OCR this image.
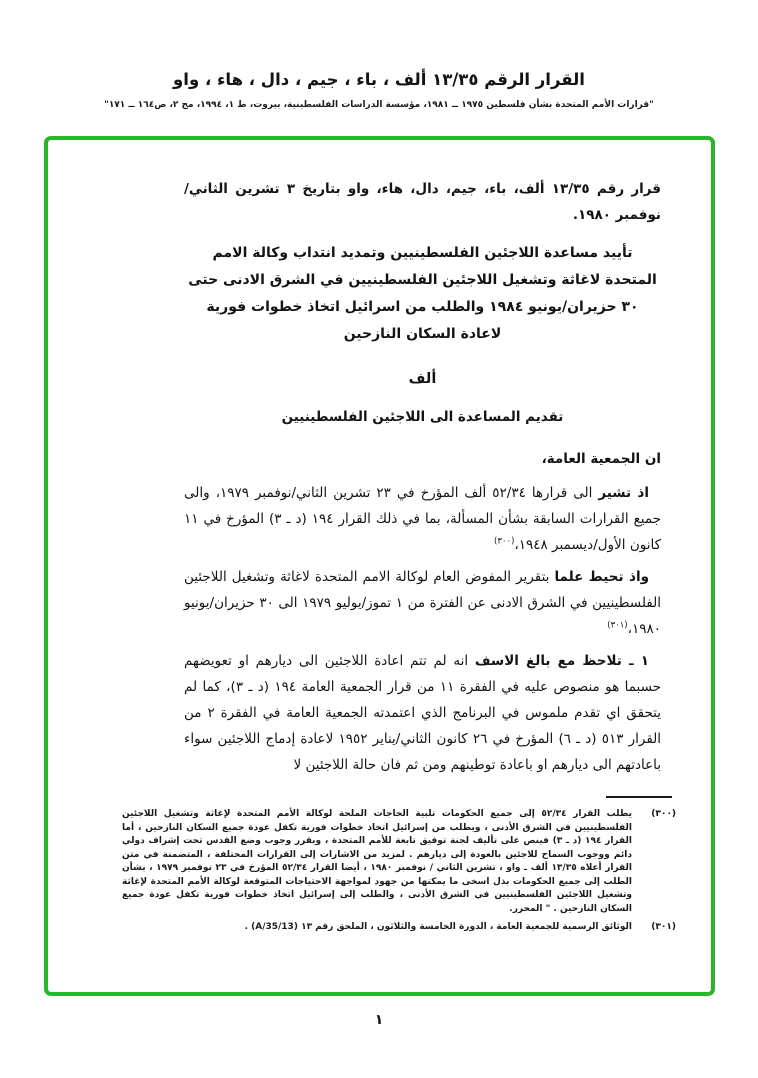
القرار الرقم ١٣/٣٥ ألف ، باء ، جيم ، دال ، هاء ، واو
"قرارات الأمم المتحدة بشأن فلسطين ١٩٧٥ ــ ١٩٨١، مؤسسة الدراسات الفلسطينية، بيروت، ط ١، ١٩٩٤، مج ٢، ص١٦٤ ــ ١٧١"

قرار رقم ١٣/٣٥ ألف، باء، جيم، دال، هاء، واو بتاريخ ٣ تشرين الثاني/نوفمبر ١٩٨٠.

تأييد مساعدة اللاجئين الفلسطينيين وتمديد انتداب وكالة الامم المتحدة لاغاثة وتشغيل اللاجئين الفلسطينيين في الشرق الادنى حتى ٣٠ حزيران/يونيو ١٩٨٤ والطلب من اسرائيل اتخاذ خطوات فورية لاعادة السكان النازحين
ألف
تقديم المساعدة الى اللاجئين الفلسطينيين

ان الجمعية العامة،

اذ تشير الى قرارها ٥٢/٣٤ ألف المؤرخ في ٢٣ تشرين الثاني/نوفمبر ١٩٧٩، والى جميع القرارات السابقة بشأن المسألة، بما في ذلك القرار ١٩٤ (د ـ ٣) المؤرخ في ١١ كانون الأول/ديسمبر ١٩٤٨،$^{(٣٠٠)}$

واذ تحيط علما بتقرير المفوض العام لوكالة الامم المتحدة لاغاثة وتشغيل اللاجئين الفلسطينيين في الشرق الادنى عن الفترة من ١ تموز/يوليو ١٩٧٩ الى ٣٠ حزيران/يونيو ١٩٨٠،$^{(٣٠١)}$

١ ـ تلاحظ مع بالغ الاسف انه لم تتم اعادة اللاجئين الى ديارهم او تعويضهم حسبما هو منصوص عليه في الفقرة ١١ من قرار الجمعية العامة ١٩٤ (د ـ ٣)، كما لم يتحقق اي تقدم ملموس في البرنامج الذي اعتمدته الجمعية العامة في الفقرة ٢ من القرار ٥١٣ (د ـ ٦) المؤرخ في ٢٦ كانون الثاني/يناير ١٩٥٢ لاعادة إدماج اللاجئين سواء باعادتهم الى ديارهم او باعادة توطينهم ومن ثم فان حالة اللاجئين لا

(٣٠٠)
يطلب القرار ٥٢/٣٤ إلى جميع الحكومات تلبية الحاجات الملحة لوكالة الأمم المتحدة لإغاثة وتشغيل اللاجئين الفلسطينيين في الشرق الأدنى ، ويطلب من إسرائيل اتخاذ خطوات فورية تكفل عودة جميع السكان النازحين ، أما القرار ١٩٤ (د ـ ٣) فينص على تأليف لجنة توفيق تابعة للأمم المتحدة ، ويقرر وجوب وضع القدس تحت إشراف دولي دائم ووجوب السماح للاجئين بالعودة إلى ديارهم . لمزيد من الاشارات إلى القرارات المختلفة ، المتضمنة في متن القرار أعلاه ١٣/٣٥ ألف ـ واو ، تشرين الثاني / نوفمبر ١٩٨٠ ، أيضا القرار ٥٢/٣٤ المؤرخ في ٢٣ نوفمبر ١٩٧٩ ، بشأن الطلب إلى جميع الحكومات بذل اسخى ما يمكنها من جهود لمواجهة الاحتياجات المتوقعة لوكالة الأمم المتحدة لإغاثة وتشغيل اللاجئين الفلسطينيين في الشرق الأدنى ، والطلب إلى إسرائيل اتخاذ خطوات فورية تكفل عودة جميع السكان النازحين . " المحرر.
(٣٠١)
الوثائق الرسمية للجمعية العامة ، الدورة الخامسة والثلاثون ، الملحق رقم ١٣ (A/35/13) .
١
